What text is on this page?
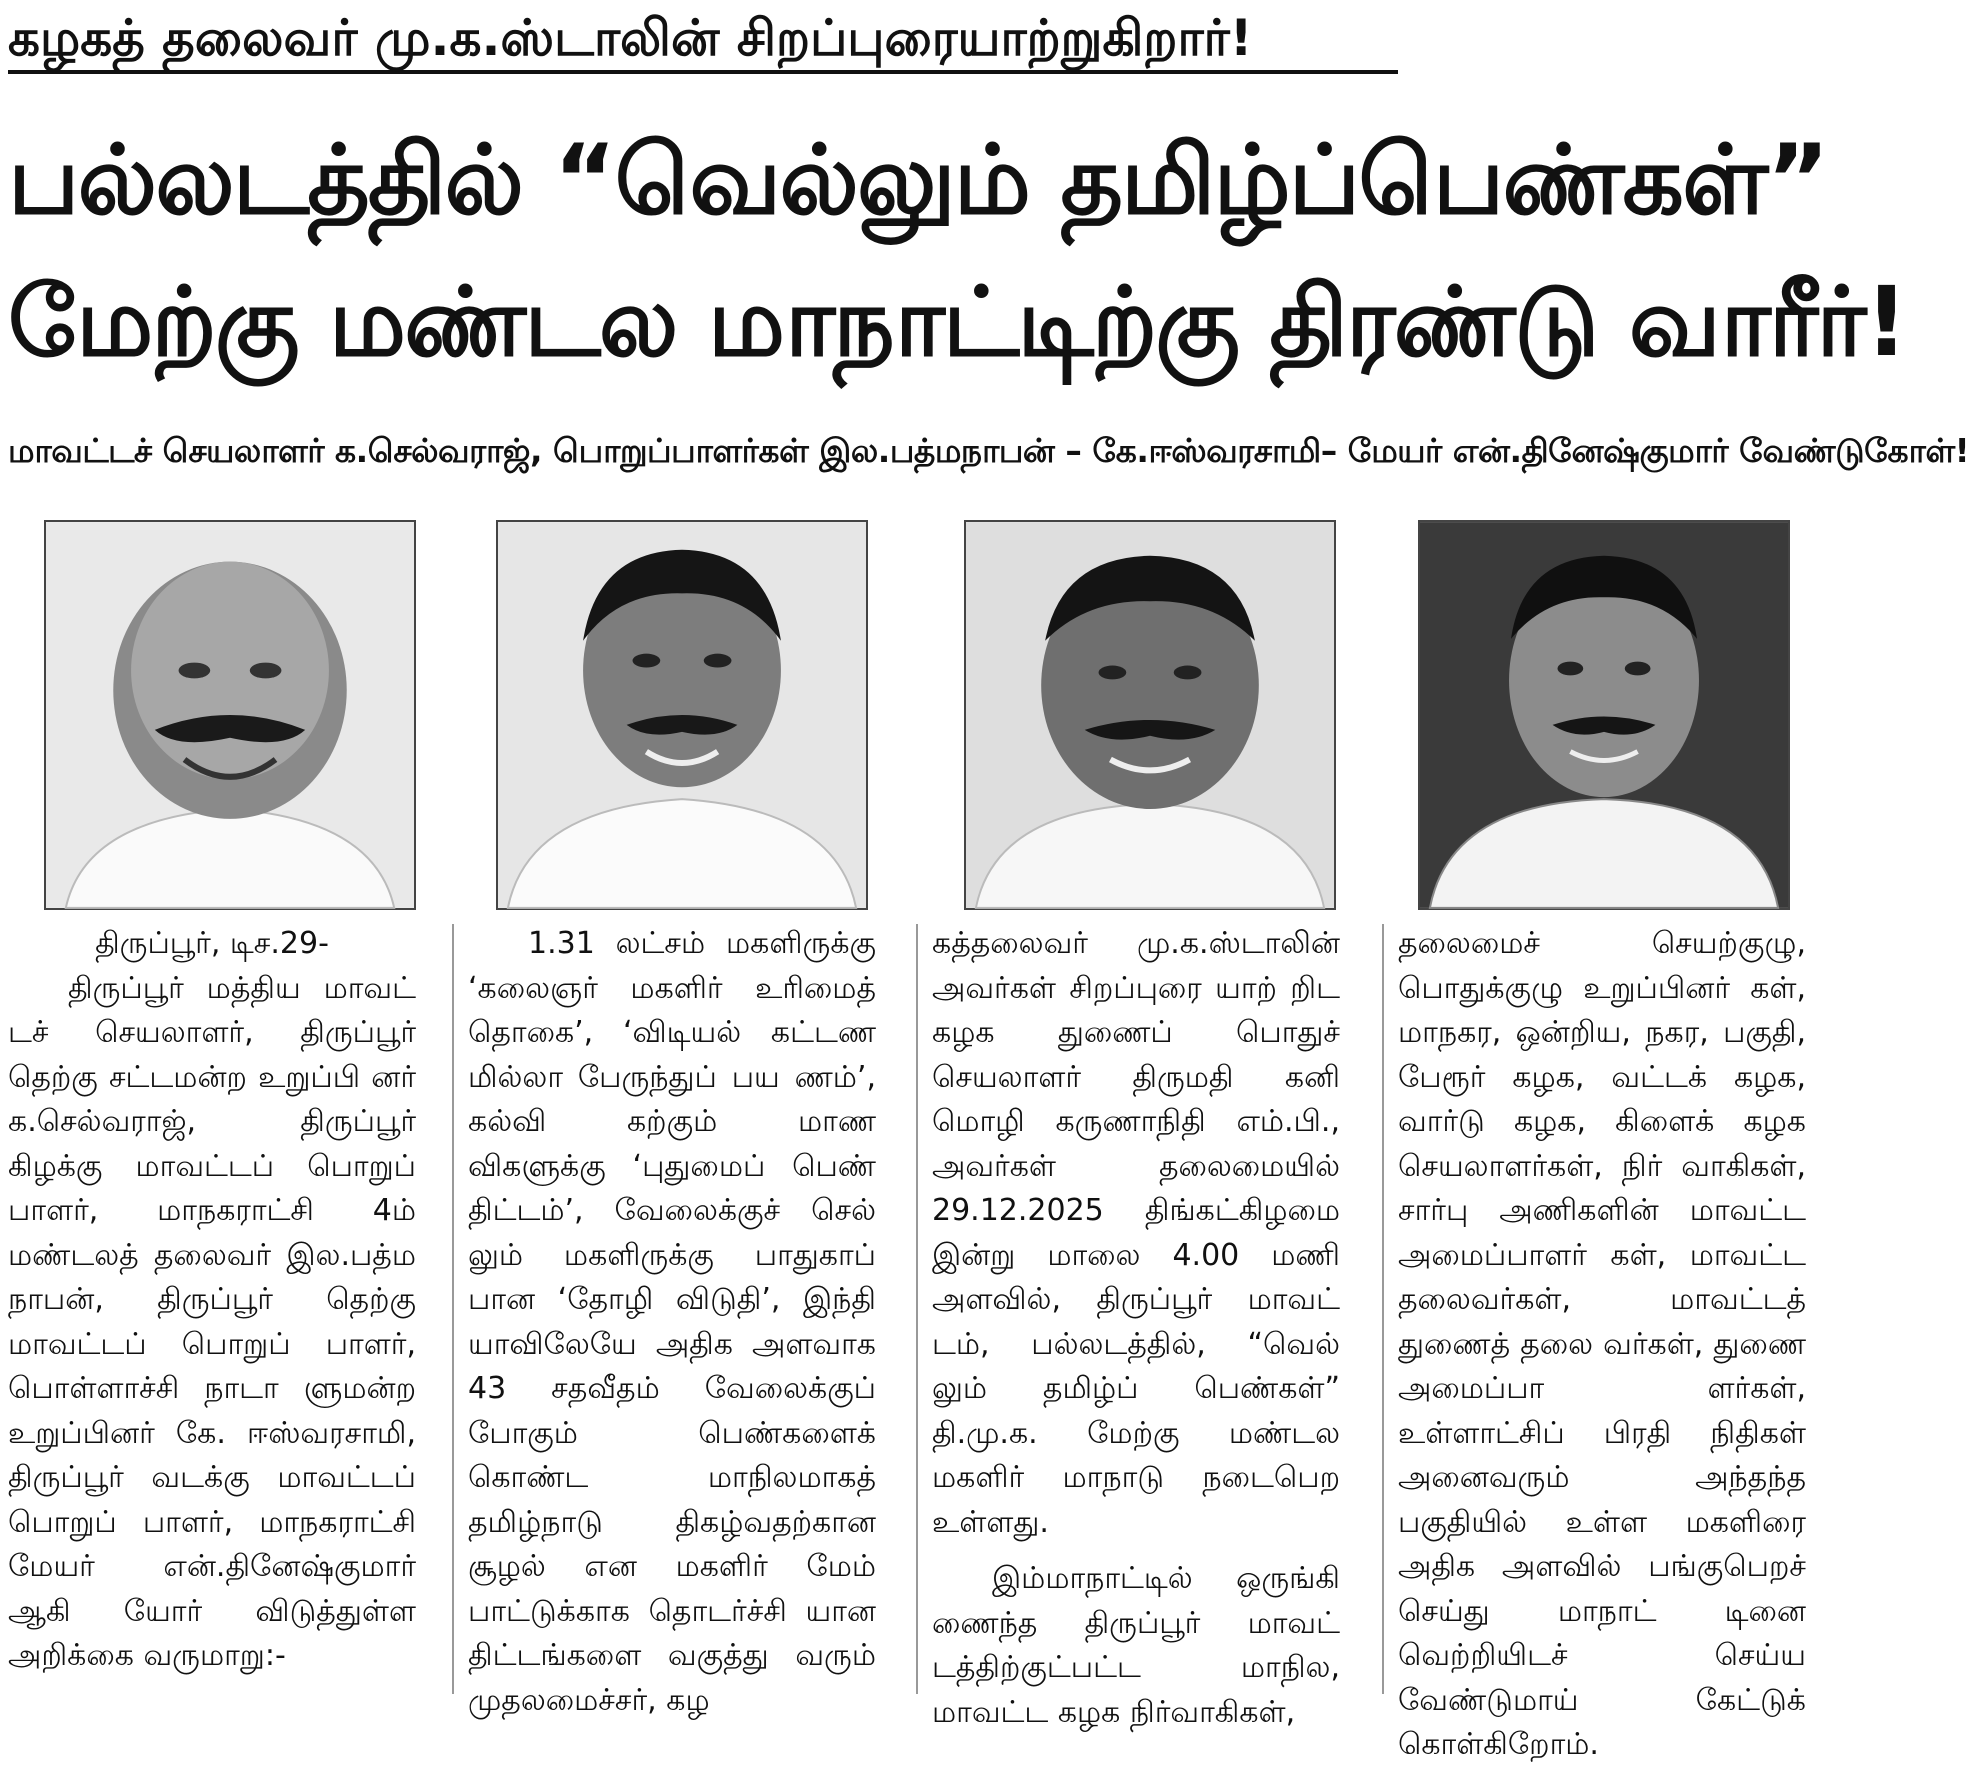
கழகத் தலைவர் மு.க.ஸ்டாலின் சிறப்புரையாற்றுகிறார்!
பல்லடத்தில் “வெல்லும் தமிழ்ப்பெண்கள்”
மேற்கு மண்டல மாநாட்டிற்கு திரண்டு வாரீர்!
மாவட்டச் செயலாளர் க.செல்வராஜ், பொறுப்பாளர்கள் இல.பத்மநாபன் – கே.ஈஸ்வரசாமி– மேயர் என்.தினேஷ்குமார் வேண்டுகோள்!

திருப்பூர், டிச.29-

திருப்பூர் மத்திய மாவட் டச் செயலாளர், திருப்பூர் தெற்கு சட்டமன்ற உறுப்பி னர் க.செல்வராஜ், திருப்பூர் கிழக்கு மாவட்டப் பொறுப் பாளர், மாநகராட்சி 4ம் மண்டலத் தலைவர் இல.பத்ம நாபன், திருப்பூர் தெற்கு மாவட்டப் பொறுப் பாளர், பொள்ளாச்சி நாடா ளுமன்ற உறுப்பினர் கே. ஈஸ்வரசாமி, திருப்பூர் வடக்கு மாவட்டப் பொறுப் பாளர், மாநகராட்சி மேயர் என்.தினேஷ்குமார் ஆகி யோர் விடுத்துள்ள அறிக்கை வருமாறு:-

1.31 லட்சம் மகளிருக்கு ‘கலைஞர் மகளிர் உரிமைத் தொகை’, ‘விடியல் கட்டண மில்லா பேருந்துப் பய ணம்’, கல்வி கற்கும் மாண விகளுக்கு ‘புதுமைப் பெண் திட்டம்’, வேலைக்குச் செல் லும் மகளிருக்கு பாதுகாப் பான ‘தோழி விடுதி’, இந்தி யாவிலேயே அதிக அளவாக 43 சதவீதம் வேலைக்குப் போகும் பெண்களைக் கொண்ட மாநிலமாகத் தமிழ்நாடு திகழ்வதற்கான சூழல் என மகளிர் மேம் பாட்டுக்காக தொடர்ச்சி யான திட்டங்களை வகுத்து வரும் முதலமைச்சர், கழ

கத்தலைவர் மு.க.ஸ்டாலின் அவர்கள் சிறப்புரை யாற் றிட கழக துணைப் பொதுச் செயலாளர் திருமதி கனி மொழி கருணாநிதி எம்.பி., அவர்கள் தலைமையில் 29.12.2025 திங்கட்கிழமை இன்று மாலை 4.00 மணி அளவில், திருப்பூர் மாவட் டம், பல்லடத்தில், “வெல் லும் தமிழ்ப் பெண்கள்” தி.மு.க. மேற்கு மண்டல மகளிர் மாநாடு நடைபெற உள்ளது.

இம்மாநாட்டில் ஒருங்கி ணைந்த திருப்பூர் மாவட் டத்திற்குட்பட்ட மாநில, மாவட்ட கழக நிர்வாகிகள்,

தலைமைச் செயற்குழு, பொதுக்குழு உறுப்பினர் கள், மாநகர, ஒன்றிய, நகர, பகுதி, பேரூர் கழக, வட்டக் கழக, வார்டு கழக, கிளைக் கழக செயலாளர்கள், நிர் வாகிகள், சார்பு அணிகளின் மாவட்ட அமைப்பாளர் கள், மாவட்ட தலைவர்கள், மாவட்டத் துணைத் தலை வர்கள், துணை அமைப்பா ளர்கள், உள்ளாட்சிப் பிரதி நிதிகள் அனைவரும் அந்தந்த பகுதியில் உள்ள மகளிரை அதிக அளவில் பங்குபெறச் செய்து மாநாட் டினை வெற்றியிடச் செய்ய வேண்டுமாய் கேட்டுக் கொள்கிறோம்.
